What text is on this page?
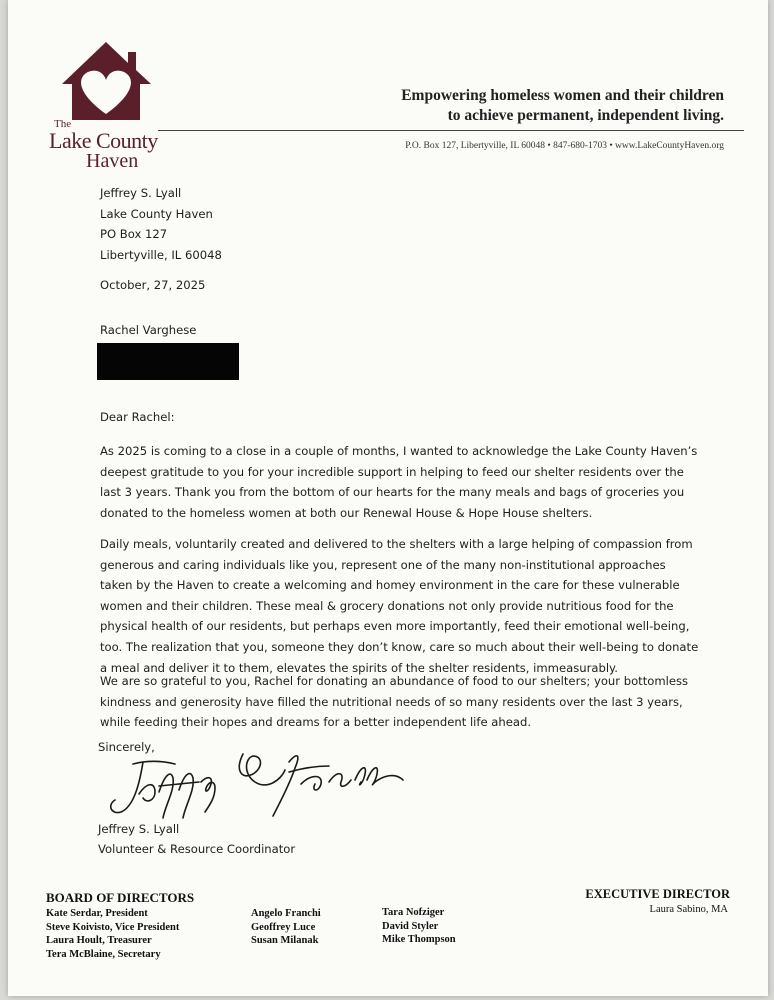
The
Lake County
Haven
Empowering homeless women and their children
to achieve permanent, independent living.
P.O. Box 127, Libertyville, IL 60048 • 847-680-1703 • www.LakeCountyHaven.org
Jeffrey S. Lyall
Lake County Haven
PO Box 127
Libertyville, IL 60048
October, 27, 2025
Rachel Varghese
Dear Rachel:
As 2025 is coming to a close in a couple of months, I wanted to acknowledge the Lake County Haven’s deepest gratitude to you for your incredible support in helping to feed our shelter residents over the last 3 years. Thank you from the bottom of our hearts for the many meals and bags of groceries you donated to the homeless women at both our Renewal House & Hope House shelters.
Daily meals, voluntarily created and delivered to the shelters with a large helping of compassion from generous and caring individuals like you, represent one of the many non-institutional approaches taken by the Haven to create a welcoming and homey environment in the care for these vulnerable women and their children. These meal & grocery donations not only provide nutritious food for the physical health of our residents, but perhaps even more importantly, feed their emotional well-being, too. The realization that you, someone they don’t know, care so much about their well-being to donate a meal and deliver it to them, elevates the spirits of the shelter residents, immeasurably.
We are so grateful to you, Rachel for donating an abundance of food to our shelters; your bottomless kindness and generosity have filled the nutritional needs of so many residents over the last 3 years, while feeding their hopes and dreams for a better independent life ahead.
Sincerely,
Jeffrey S. Lyall
Volunteer & Resource Coordinator
BOARD OF DIRECTORS
Kate Serdar, President
Steve Koivisto, Vice President
Laura Hoult, Treasurer
Tera McBlaine, Secretary
Angelo Franchi
Geoffrey Luce
Susan Milanak
Tara Nofziger
David Styler
Mike Thompson
EXECUTIVE DIRECTOR
Laura Sabino, MA
